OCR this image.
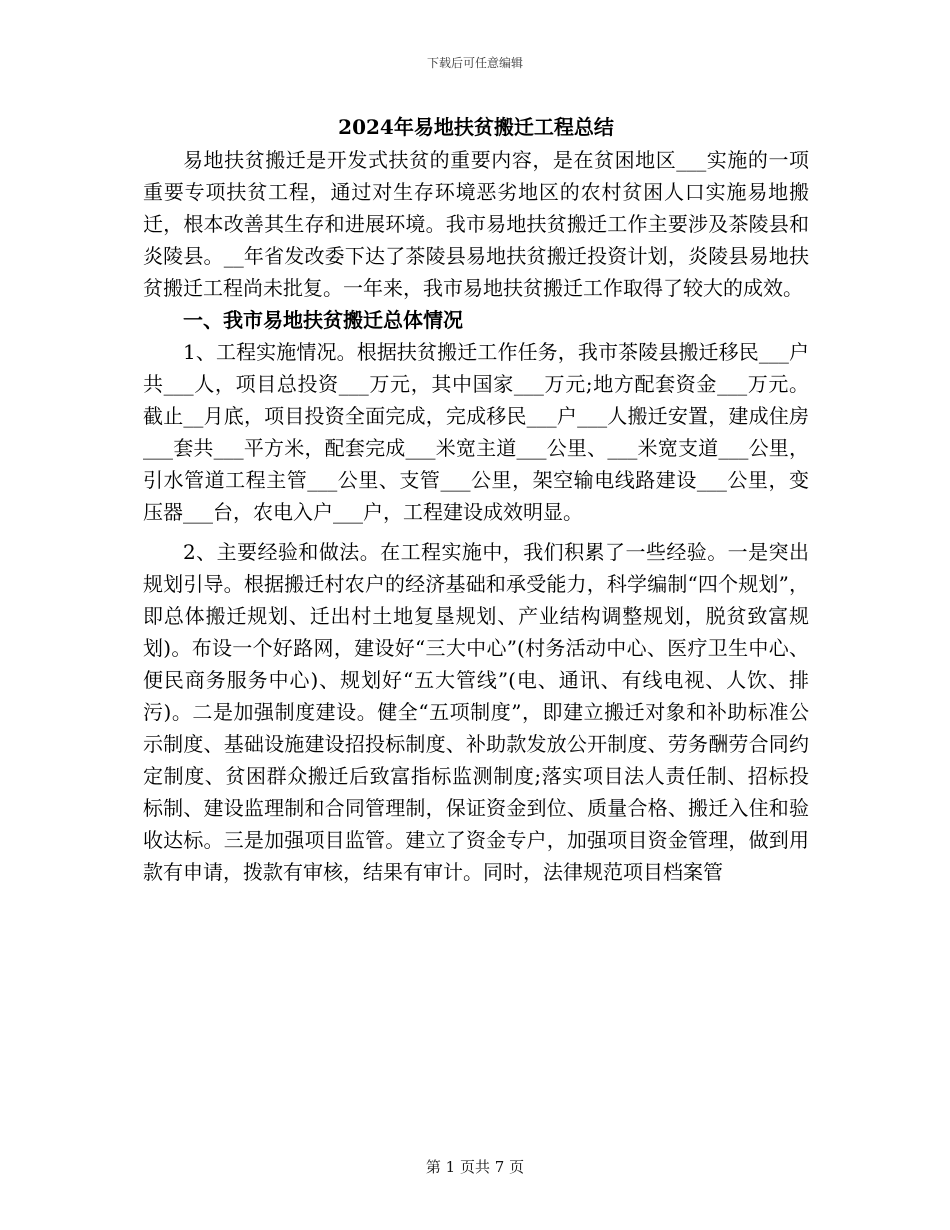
下载后可任意编辑
2024年易地扶贫搬迁工程总结

易地扶贫搬迁是开发式扶贫的重要内容，是在贫困地区___实施的一项重要专项扶贫工程，通过对生存环境恶劣地区的农村贫困人口实施易地搬迁，根本改善其生存和进展环境。我市易地扶贫搬迁工作主要涉及茶陵县和炎陵县。__年省发改委下达了茶陵县易地扶贫搬迁投资计划，炎陵县易地扶贫搬迁工程尚未批复。一年来，我市易地扶贫搬迁工作取得了较大的成效。

一、我市易地扶贫搬迁总体情况

1、工程实施情况。根据扶贫搬迁工作任务，我市茶陵县搬迁移民___户共___人，项目总投资___万元，其中国家___万元;地方配套资金___万元。截止__月底，项目投资全面完成，完成移民___户___人搬迁安置，建成住房___套共___平方米，配套完成___米宽主道___公里、___米宽支道___公里，引水管道工程主管___公里、支管___公里，架空输电线路建设___公里，变压器___台，农电入户___户，工程建设成效明显。

2、主要经验和做法。在工程实施中，我们积累了一些经验。一是突出规划引导。根据搬迁村农户的经济基础和承受能力，科学编制“四个规划”，即总体搬迁规划、迁出村土地复垦规划、产业结构调整规划，脱贫致富规划)。布设一个好路网，建设好“三大中心”(村务活动中心、医疗卫生中心、便民商务服务中心)、规划好“五大管线”(电、通讯、有线电视、人饮、排污)。二是加强制度建设。健全“五项制度”，即建立搬迁对象和补助标准公示制度、基础设施建设招投标制度、补助款发放公开制度、劳务酬劳合同约定制度、贫困群众搬迁后致富指标监测制度;落实项目法人责任制、招标投标制、建设监理制和合同管理制，保证资金到位、质量合格、搬迁入住和验收达标。三是加强项目监管。建立了资金专户，加强项目资金管理，做到用款有申请，拨款有审核，结果有审计。同时，法律规范项目档案管

第 1 页共 7 页
